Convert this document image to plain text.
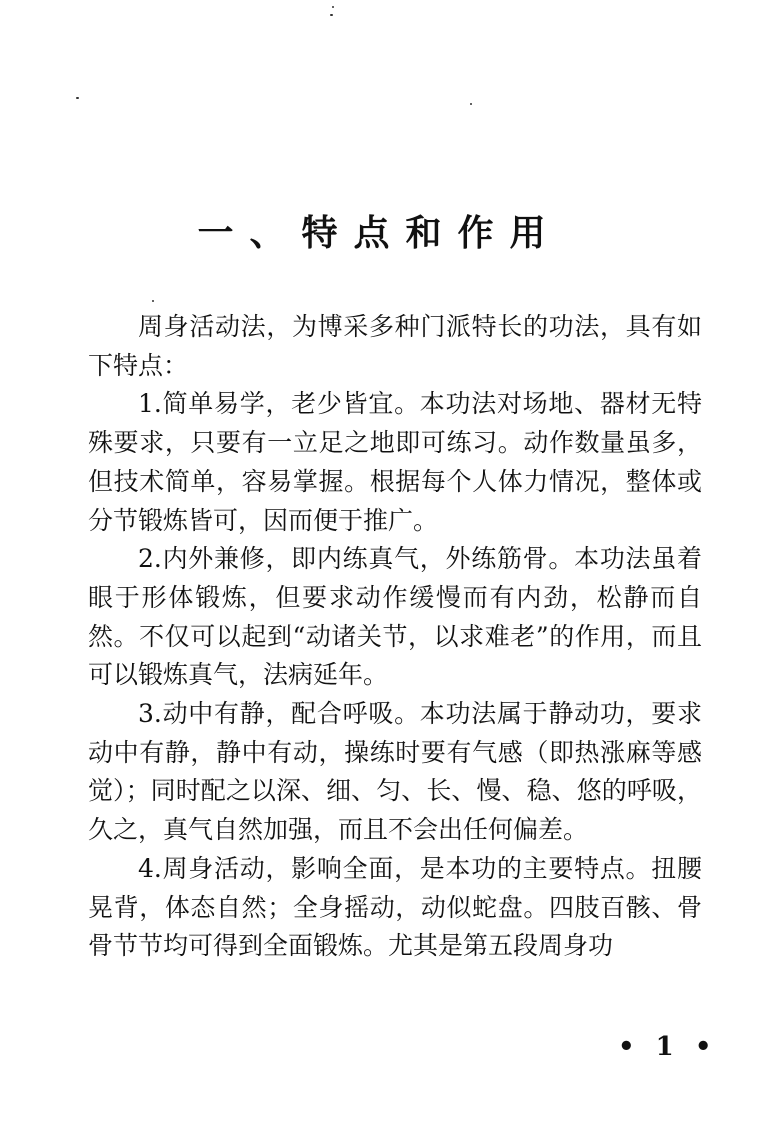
一、特点和作用

周身活动法，为博采多种门派特长的功法，具有如下特点：

1.简单易学，老少皆宜。本功法对场地、器材无特殊要求，只要有一立足之地即可练习。动作数量虽多，但技术简单，容易掌握。根据每个人体力情况，整体或分节锻炼皆可，因而便于推广。

2.内外兼修，即内练真气，外练筋骨。本功法虽着眼于形体锻炼，但要求动作缓慢而有内劲，松静而自然。不仅可以起到“动诸关节，以求难老”的作用，而且可以锻炼真气，法病延年。

3.动中有静，配合呼吸。本功法属于静动功，要求动中有静，静中有动，操练时要有气感（即热涨麻等感觉）；同时配之以深、细、匀、长、慢、稳、悠的呼吸，久之，真气自然加强，而且不会出任何偏差。

4.周身活动，影响全面，是本功的主要特点。扭腰晃背，体态自然；全身摇动，动似蛇盘。四肢百骸、骨骨节节均可得到全面锻炼。尤其是第五段周身功

• 1 •
